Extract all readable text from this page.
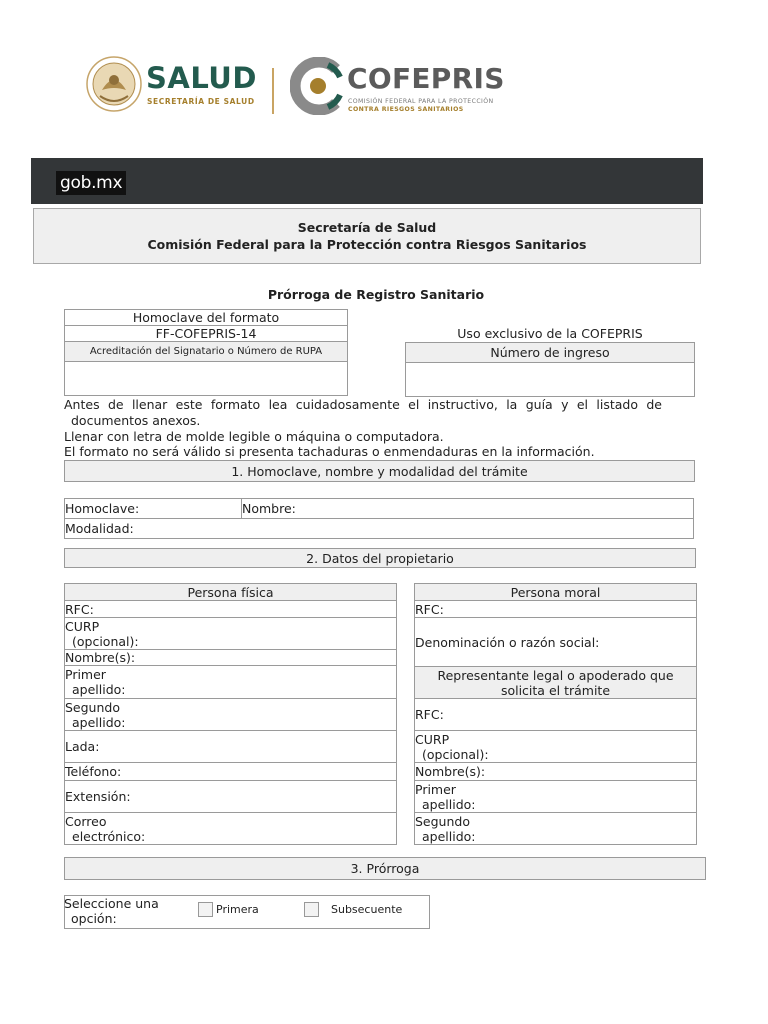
SALUD
SECRETARÍA DE SALUD
COFEPRIS
COMISIÓN FEDERAL PARA LA PROTECCIÓN
CONTRA RIESGOS SANITARIOS
gob.mx
Secretaría de Salud
Comisión Federal para la Protección contra Riesgos Sanitarios
Prórroga de Registro Sanitario
Homoclave del formato
FF-COFEPRIS-14
Acreditación del Signatario o Número de RUPA
Uso exclusivo de la COFEPRIS
Número de ingreso
Antes de llenar este formato lea cuidadosamente el instructivo, la guía y el listado de
documentos anexos.
Llenar con letra de molde legible o máquina o computadora.
El formato no será válido si presenta tachaduras o enmendaduras en la información.
1. Homoclave, nombre y modalidad del trámite
Homoclave:	Nombre:
Modalidad:
2. Datos del propietario
Persona física
RFC:
CURP
(opcional):
Nombre(s):
Primer
apellido:
Segundo
apellido:
Lada:
Teléfono:
Extensión:
Correo
electrónico:
Persona moral
RFC:
Denominación o razón social:
Representante legal o apoderado que
solicita el trámite
RFC:
CURP
(opcional):
Nombre(s):
Primer
apellido:
Segundo
apellido:
3. Prórroga
Seleccione una
opción:
Primera	Subsecuente
